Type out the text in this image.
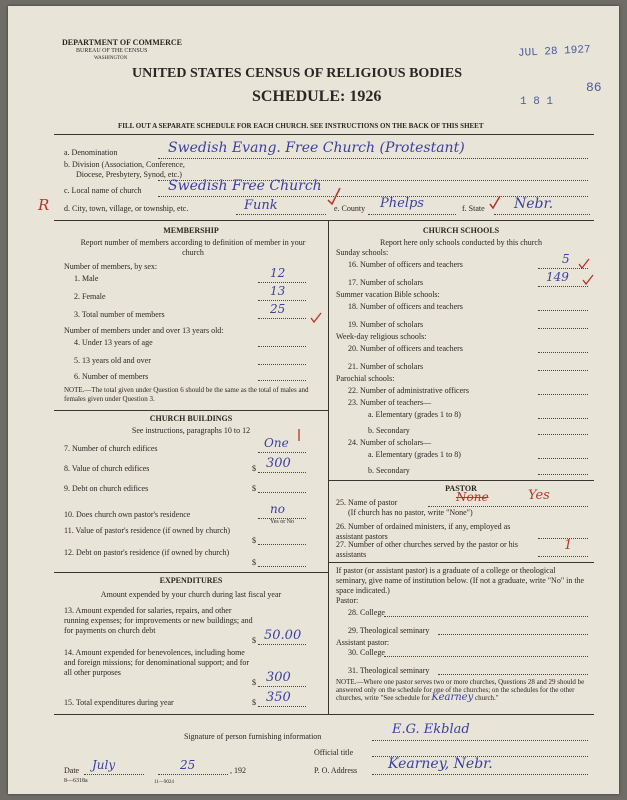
DEPARTMENT OF COMMERCE
BUREAU OF THE CENSUS
WASHINGTON
UNITED STATES CENSUS OF RELIGIOUS BODIES
SCHEDULE: 1926
JUL 28 1927
86
1 8 1
FILL OUT A SEPARATE SCHEDULE FOR EACH CHURCH. SEE INSTRUCTIONS ON THE BACK OF THIS SHEET
a. Denomination	Swedish Evang. Free Church (Protestant)
b. Division (Association, Conference,
Diocese, Presbytery, Synod, etc.)
c. Local name of church Swedish Free Church
R d. City, town, village, or township, etc.	Funk	e. County Phelps	f. State Nebr.
MEMBERSHIP
Report number of members according to definition of member in your church
Number of members, by sex:
1. Male	12
2. Female	13
3. Total number of members	25
Number of members under and over 13 years old:
4. Under 13 years of age
5. 13 years old and over
6. Number of members
NOTE.—The total given under Question 6 should be the same as the total of males and females given under Question 3.
CHURCH BUILDINGS
See instructions, paragraphs 10 to 12
7. Number of church edifices	One
8. Value of church edifices	$ 300
9. Debt on church edifices	$
10. Does church own pastor's residence	no
Yes or No
11. Value of pastor's residence (if owned by church)
$
12. Debt on pastor's residence (if owned by church)
$
EXPENDITURES
Amount expended by your church during last fiscal year
13. Amount expended for salaries, repairs, and other running expenses; for improvements or new buildings; and for payments on church debt
$ 50.00
14. Amount expended for benevolences, including home and foreign missions; for denominational support; and for all other purposes
$ 300
15. Total expenditures during year	$ 350
CHURCH SCHOOLS
Report here only schools conducted by this church
Sunday schools:
16. Number of officers and teachers	5
17. Number of scholars	149
Summer vacation Bible schools:
18. Number of officers and teachers
19. Number of scholars
Week-day religious schools:
20. Number of officers and teachers
21. Number of scholars
Parochial schools:
22. Number of administrative officers
23. Number of teachers—
a. Elementary (grades 1 to 8)
b. Secondary
24. Number of scholars—
a. Elementary (grades 1 to 8)
b. Secondary
PASTOR
25. Name of pastor	None	Yes
(If church has no pastor, write "None")
26. Number of ordained ministers, if any, employed as assistant pastors
27. Number of other churches served by the pastor or his assistants
1
If pastor (or assistant pastor) is a graduate of a college or theological seminary, give name of institution below. (If not a graduate, write "No" in the space indicated.)
Pastor:
28. College
29. Theological seminary
Assistant pastor:
30. College
31. Theological seminary
NOTE.—Where one pastor serves two or more churches, Questions 28 and 29 should be answered only on the schedule for one of the churches; on the schedules for the other churches, write "See schedule for Kearney church."
Signature of person furnishing information	E.G. Ekblad
Official title
Date July	25	, 192	P. O. Address Kearney, Nebr.
8—6318a	11—9024
